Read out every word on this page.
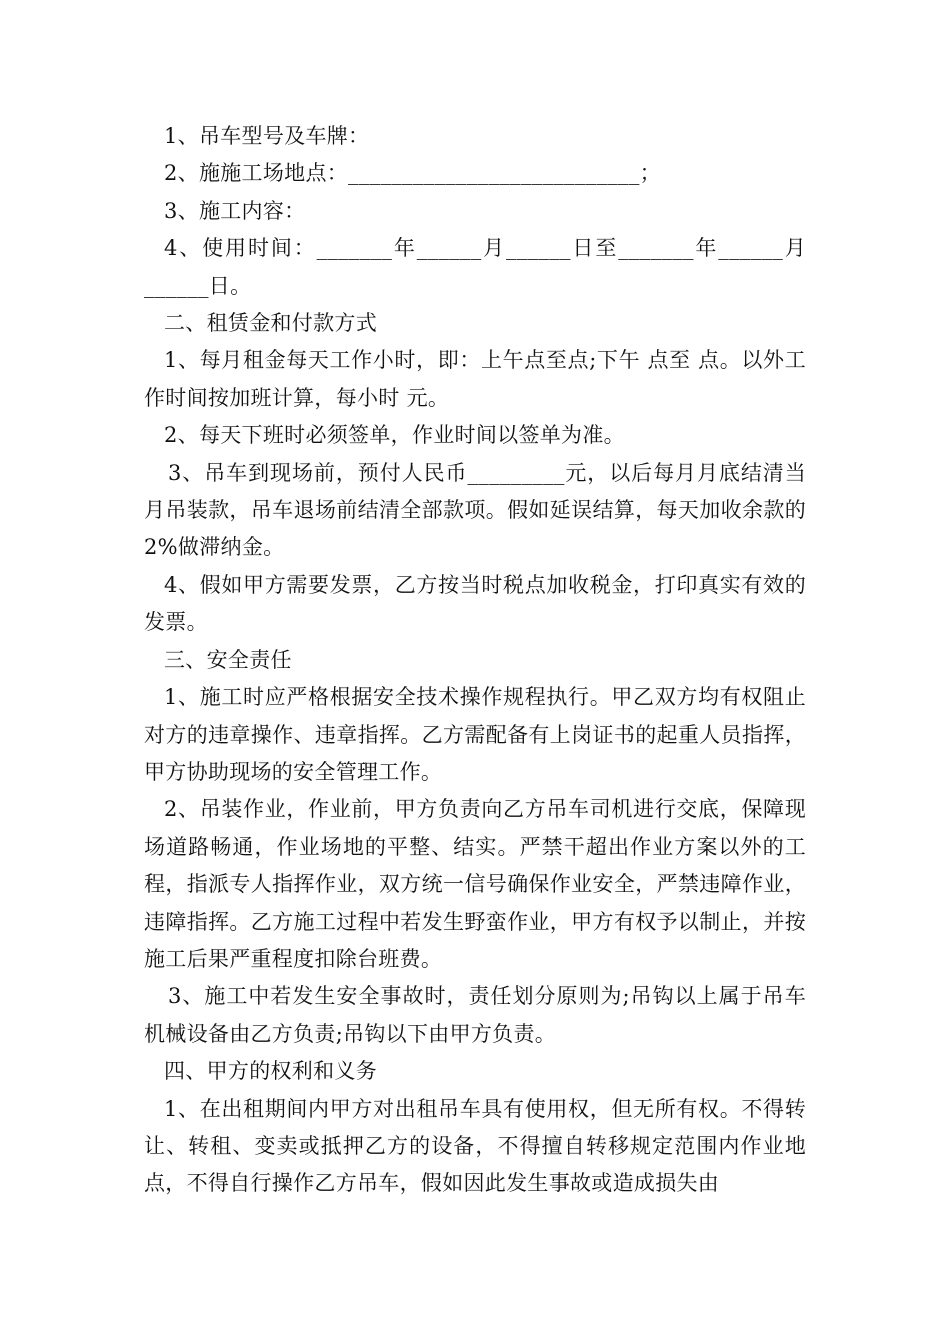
1、吊车型号及车牌：

2、施施工场地点：___________________________；

3、施工内容：

4、使用时间：_______年______月______日至_______年______月______日。

二、租赁金和付款方式

1、每月租金每天工作小时，即：上午点至点;下午 点至 点。以外工作时间按加班计算，每小时 元。

2、每天下班时必须签单，作业时间以签单为准。

3、吊车到现场前，预付人民币_________元，以后每月月底结清当月吊装款，吊车退场前结清全部款项。假如延误结算，每天加收余款的2%做滞纳金。

4、假如甲方需要发票，乙方按当时税点加收税金，打印真实有效的发票。

三、安全责任

1、施工时应严格根据安全技术操作规程执行。甲乙双方均有权阻止对方的违章操作、违章指挥。乙方需配备有上岗证书的起重人员指挥，甲方协助现场的安全管理工作。

2、吊装作业，作业前，甲方负责向乙方吊车司机进行交底，保障现场道路畅通，作业场地的平整、结实。严禁干超出作业方案以外的工程，指派专人指挥作业，双方统一信号确保作业安全，严禁违障作业，违障指挥。乙方施工过程中若发生野蛮作业，甲方有权予以制止，并按施工后果严重程度扣除台班费。

3、施工中若发生安全事故时，责任划分原则为;吊钩以上属于吊车机械设备由乙方负责;吊钩以下由甲方负责。

四、甲方的权利和义务

1、在出租期间内甲方对出租吊车具有使用权，但无所有权。不得转让、转租、变卖或抵押乙方的设备，不得擅自转移规定范围内作业地点，不得自行操作乙方吊车，假如因此发生事故或造成损失由
